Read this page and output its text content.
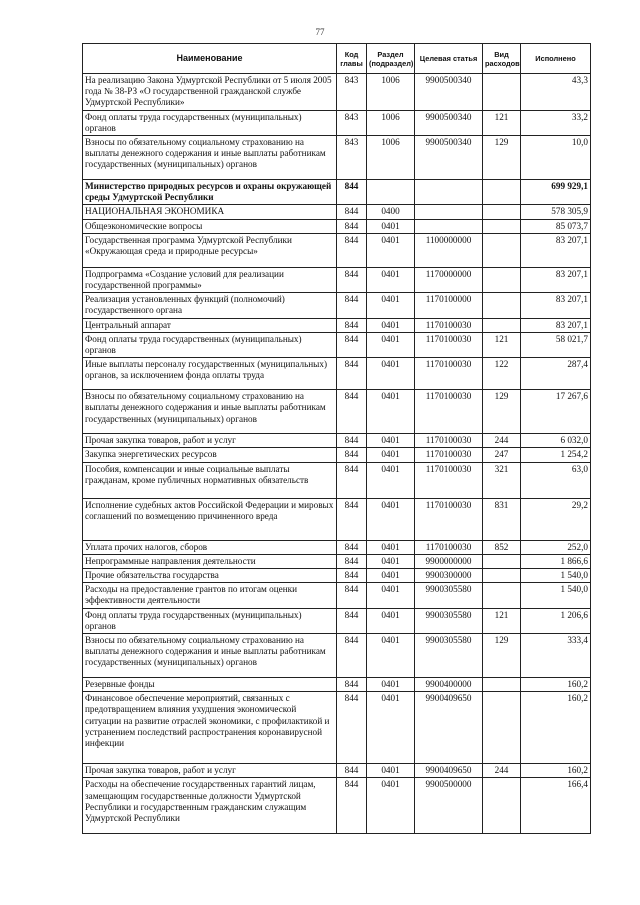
77
Наименование	Код главы	Раздел (подраздел)	Целевая статья	Вид расходов	Исполнено
На реализацию Закона Удмуртской Республики от 5 июля 2005 года № 38-РЗ «О государственной гражданской службе Удмуртской Республики»	843	1006	9900500340		43,3
Фонд оплаты труда государственных (муниципальных) органов	843	1006	9900500340	121	33,2
Взносы по обязательному социальному страхованию на выплаты денежного содержания и иные выплаты работникам государственных (муниципальных) органов	843	1006	9900500340	129	10,0
Министерство природных ресурсов и охраны окружающей среды Удмуртской Республики	844				699 929,1
НАЦИОНАЛЬНАЯ ЭКОНОМИКА	844	0400			578 305,9
Общеэкономические вопросы	844	0401			85 073,7
Государственная программа Удмуртской Республики «Окружающая среда и природные ресурсы»	844	0401	1100000000		83 207,1
Подпрограмма «Создание условий для реализации государственной программы»	844	0401	1170000000		83 207,1
Реализация установленных функций (полномочий) государственного органа	844	0401	1170100000		83 207,1
Центральный аппарат	844	0401	1170100030		83 207,1
Фонд оплаты труда государственных (муниципальных) органов	844	0401	1170100030	121	58 021,7
Иные выплаты персоналу государственных (муниципальных) органов, за исключением фонда оплаты труда	844	0401	1170100030	122	287,4
Взносы по обязательному социальному страхованию на выплаты денежного содержания и иные выплаты работникам государственных (муниципальных) органов	844	0401	1170100030	129	17 267,6
Прочая закупка товаров, работ и услуг	844	0401	1170100030	244	6 032,0
Закупка энергетических ресурсов	844	0401	1170100030	247	1 254,2
Пособия, компенсации и иные социальные выплаты гражданам, кроме публичных нормативных обязательств	844	0401	1170100030	321	63,0
Исполнение судебных актов Российской Федерации и мировых соглашений по возмещению причиненного вреда	844	0401	1170100030	831	29,2
Уплата прочих налогов, сборов	844	0401	1170100030	852	252,0
Непрограммные направления деятельности	844	0401	9900000000		1 866,6
Прочие обязательства государства	844	0401	9900300000		1 540,0
Расходы на предоставление грантов по итогам оценки эффективности деятельности	844	0401	9900305580		1 540,0
Фонд оплаты труда государственных (муниципальных) органов	844	0401	9900305580	121	1 206,6
Взносы по обязательному социальному страхованию на выплаты денежного содержания и иные выплаты работникам государственных (муниципальных) органов	844	0401	9900305580	129	333,4
Резервные фонды	844	0401	9900400000		160,2
Финансовое обеспечение мероприятий, связанных с предотвращением влияния ухудшения экономической ситуации на развитие отраслей экономики, с профилактикой и устранением последствий распространения коронавирусной инфекции	844	0401	9900409650		160,2
Прочая закупка товаров, работ и услуг	844	0401	9900409650	244	160,2
Расходы на обеспечение государственных гарантий лицам, замещающим государственные должности Удмуртской Республики и государственным гражданским служащим Удмуртской Республики	844	0401	9900500000		166,4
